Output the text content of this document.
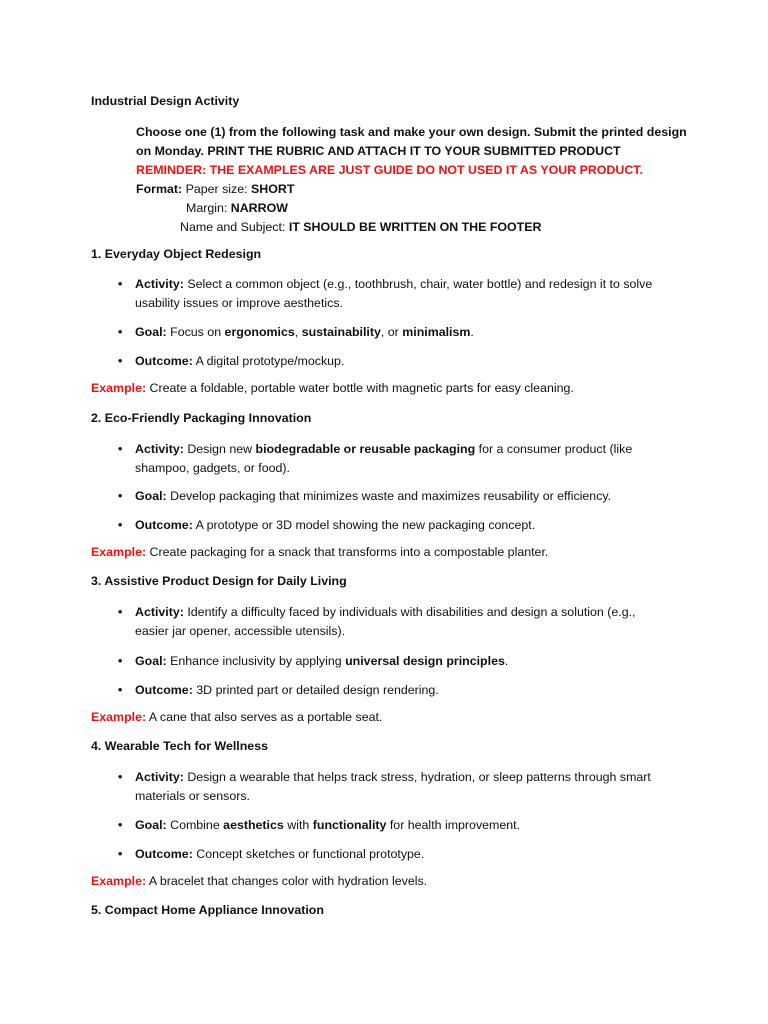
Industrial Design Activity
Choose one (1) from the following task and make your own design. Submit the printed design
on Monday. PRINT THE RUBRIC AND ATTACH IT TO YOUR SUBMITTED PRODUCT
REMINDER: THE EXAMPLES ARE JUST GUIDE DO NOT USED IT AS YOUR PRODUCT.
Format: Paper size: SHORT
Margin: NARROW
Name and Subject: IT SHOULD BE WRITTEN ON THE FOOTER
1. Everyday Object Redesign
• Activity: Select a common object (e.g., toothbrush, chair, water bottle) and redesign it to solve
usability issues or improve aesthetics.
• Goal: Focus on ergonomics, sustainability, or minimalism.
• Outcome: A digital prototype/mockup.
Example: Create a foldable, portable water bottle with magnetic parts for easy cleaning.
2. Eco-Friendly Packaging Innovation
• Activity: Design new biodegradable or reusable packaging for a consumer product (like
shampoo, gadgets, or food).
• Goal: Develop packaging that minimizes waste and maximizes reusability or efficiency.
• Outcome: A prototype or 3D model showing the new packaging concept.
Example: Create packaging for a snack that transforms into a compostable planter.
3. Assistive Product Design for Daily Living
• Activity: Identify a difficulty faced by individuals with disabilities and design a solution (e.g.,
easier jar opener, accessible utensils).
• Goal: Enhance inclusivity by applying universal design principles.
• Outcome: 3D printed part or detailed design rendering.
Example: A cane that also serves as a portable seat.
4. Wearable Tech for Wellness
• Activity: Design a wearable that helps track stress, hydration, or sleep patterns through smart
materials or sensors.
• Goal: Combine aesthetics with functionality for health improvement.
• Outcome: Concept sketches or functional prototype.
Example: A bracelet that changes color with hydration levels.
5. Compact Home Appliance Innovation
